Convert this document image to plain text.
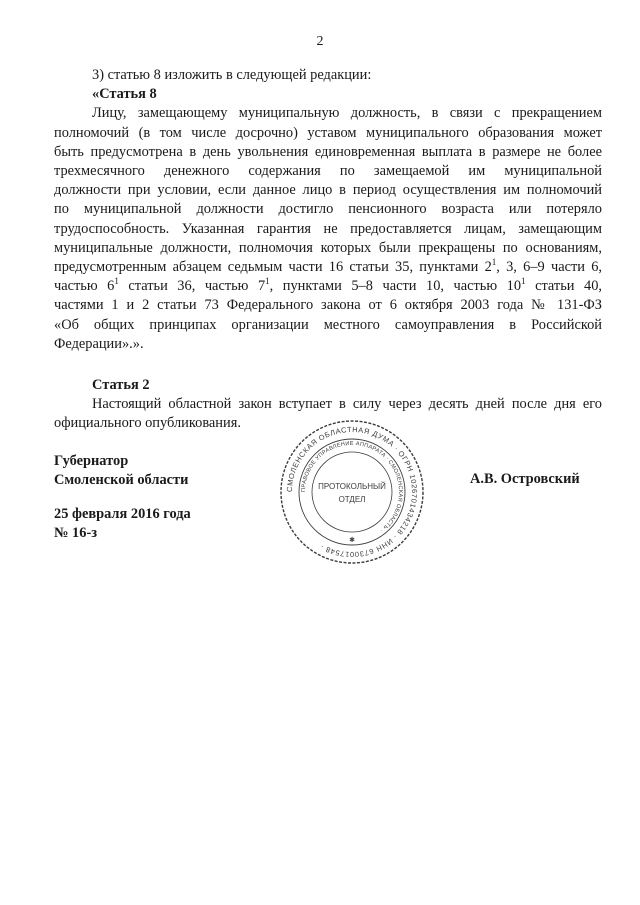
2
3) статью 8 изложить в следующей редакции:
«Статья 8
Лицу, замещающему муниципальную должность, в связи с прекращением
полномочий (в том числе досрочно) уставом муниципального образования может
быть предусмотрена в день увольнения единовременная выплата в размере не более
трехмесячного денежного содержания по замещаемой им муниципальной
должности при условии, если данное лицо в период осуществления им полномочий
по муниципальной должности достигло пенсионного возраста или потеряло
трудоспособность. Указанная гарантия не предоставляется лицам, замещающим
муниципальные должности, полномочия которых были прекращены по основаниям,
предусмотренным абзацем седьмым части 16 статьи 35, пунктами $2^1$, 3, 6–9 части 6,
частью $6^1$ статьи 36, частью $7^1$, пунктами 5–8 части 10, частью $10^1$ статьи 40,
частями 1 и 2 статьи 73 Федерального закона от 6 октября 2003 года № 131-ФЗ
«Об общих принципах организации местного самоуправления в Российской
Федерации».».
Статья 2
Настоящий областной закон вступает в силу через десять дней после дня его
официального опубликования.
Губернатор
Смоленской области	А.В. Островский
25 февраля 2016 года
№ 16-з
СМОЛЕНСКАЯ ОБЛАСТНАЯ ДУМА · ОГРН 1026701434218 · ИНН 6730017548 ·
ПРАВОВОЕ УПРАВЛЕНИЕ АППАРАТА · СМОЛЕНСКАЯ ОБЛАСТЬ ·
ПРОТОКОЛЬНЫЙ
ОТДЕЛ
✱
